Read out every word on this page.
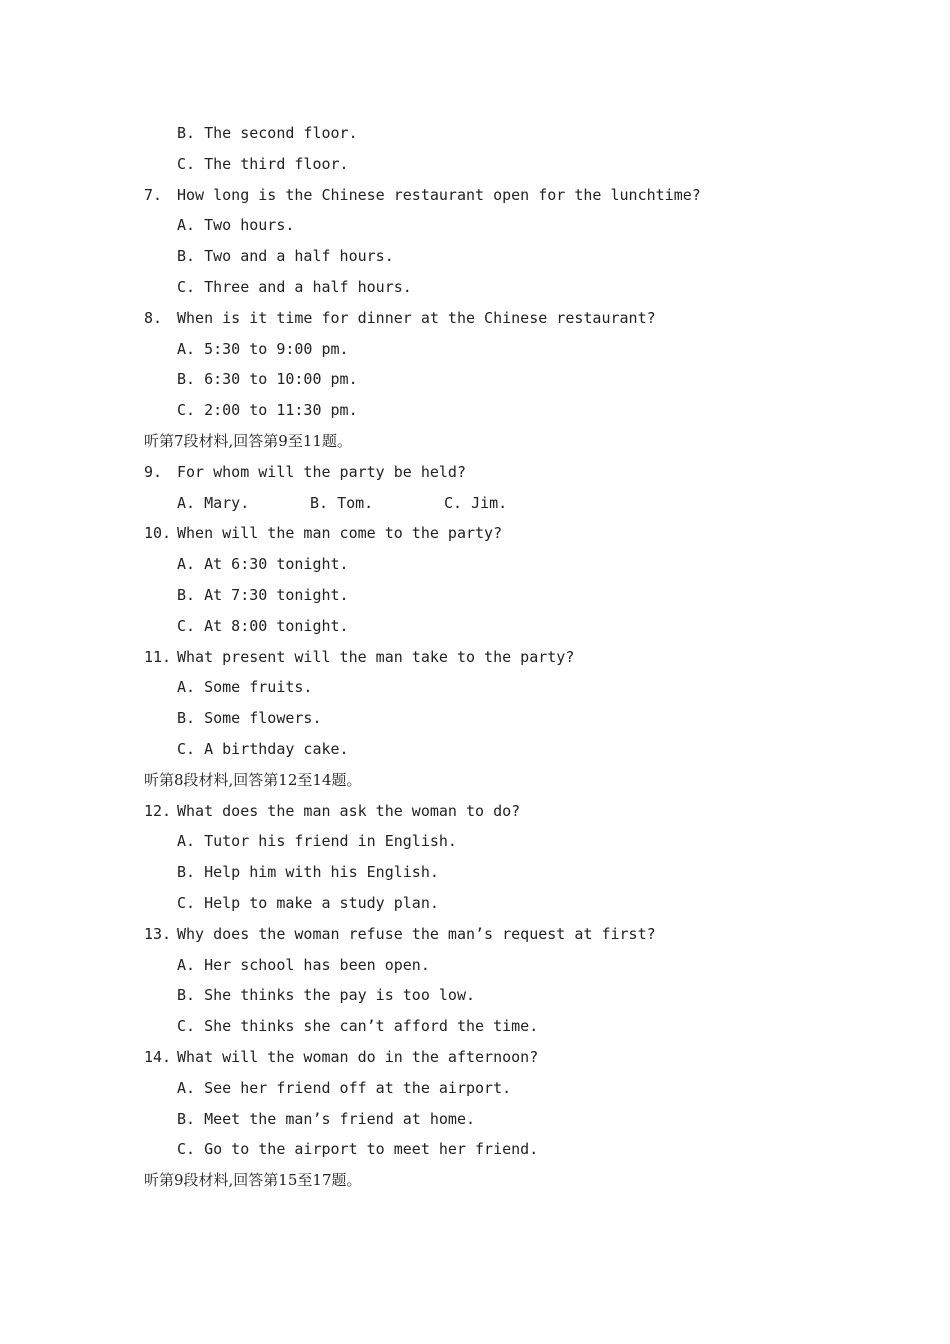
B. The second floor.
C. The third floor.
7. How long is the Chinese restaurant open for the lunchtime?
A. Two hours.
B. Two and a half hours.
C. Three and a half hours.
8. When is it time for dinner at the Chinese restaurant?
A. 5:30 to 9:00 pm.
B. 6:30 to 10:00 pm.
C. 2:00 to 11:30 pm.
听第7段材料,回答第9至11题。
9. For whom will the party be held?
A. Mary.	B. Tom.	C. Jim.
10. When will the man come to the party?
A. At 6:30 tonight.
B. At 7:30 tonight.
C. At 8:00 tonight.
11. What present will the man take to the party?
A. Some fruits.
B. Some flowers.
C. A birthday cake.
听第8段材料,回答第12至14题。
12. What does the man ask the woman to do?
A. Tutor his friend in English.
B. Help him with his English.
C. Help to make a study plan.
13. Why does the woman refuse the man’s request at first?
A. Her school has been open.
B. She thinks the pay is too low.
C. She thinks she can’t afford the time.
14. What will the woman do in the afternoon?
A. See her friend off at the airport.
B. Meet the man’s friend at home.
C. Go to the airport to meet her friend.
听第9段材料,回答第15至17题。
